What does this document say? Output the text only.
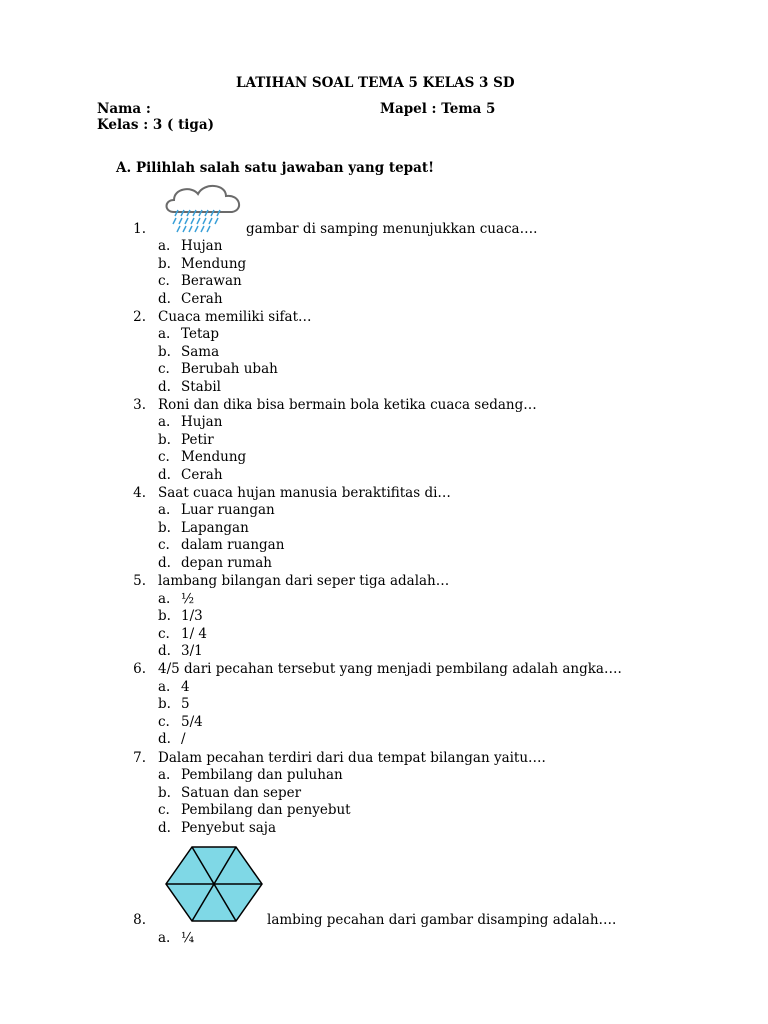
LATIHAN SOAL TEMA 5 KELAS 3 SD
Nama :	Mapel : Tema 5
Kelas : 3 ( tiga)
A. Pilihlah salah satu jawaban yang tepat!
1.	gambar di samping menunjukkan cuaca….
a. Hujan
b. Mendung
c. Berawan
d. Cerah
2. Cuaca memiliki sifat…
a. Tetap
b. Sama
c. Berubah ubah
d. Stabil
3. Roni dan dika bisa bermain bola ketika cuaca sedang…
a. Hujan
b. Petir
c. Mendung
d. Cerah
4. Saat cuaca hujan manusia beraktifitas di…
a. Luar ruangan
b. Lapangan
c. dalam ruangan
d. depan rumah
5. lambang bilangan dari seper tiga adalah…
a. ½
b. 1/3
c. 1/ 4
d. 3/1
6. 4/5 dari pecahan tersebut yang menjadi pembilang adalah angka….
a. 4
b. 5
c. 5/4
d. /
7. Dalam pecahan terdiri dari dua tempat bilangan yaitu….
a. Pembilang dan puluhan
b. Satuan dan seper
c. Pembilang dan penyebut
d. Penyebut saja
8.	lambing pecahan dari gambar disamping adalah….
a. ¼
